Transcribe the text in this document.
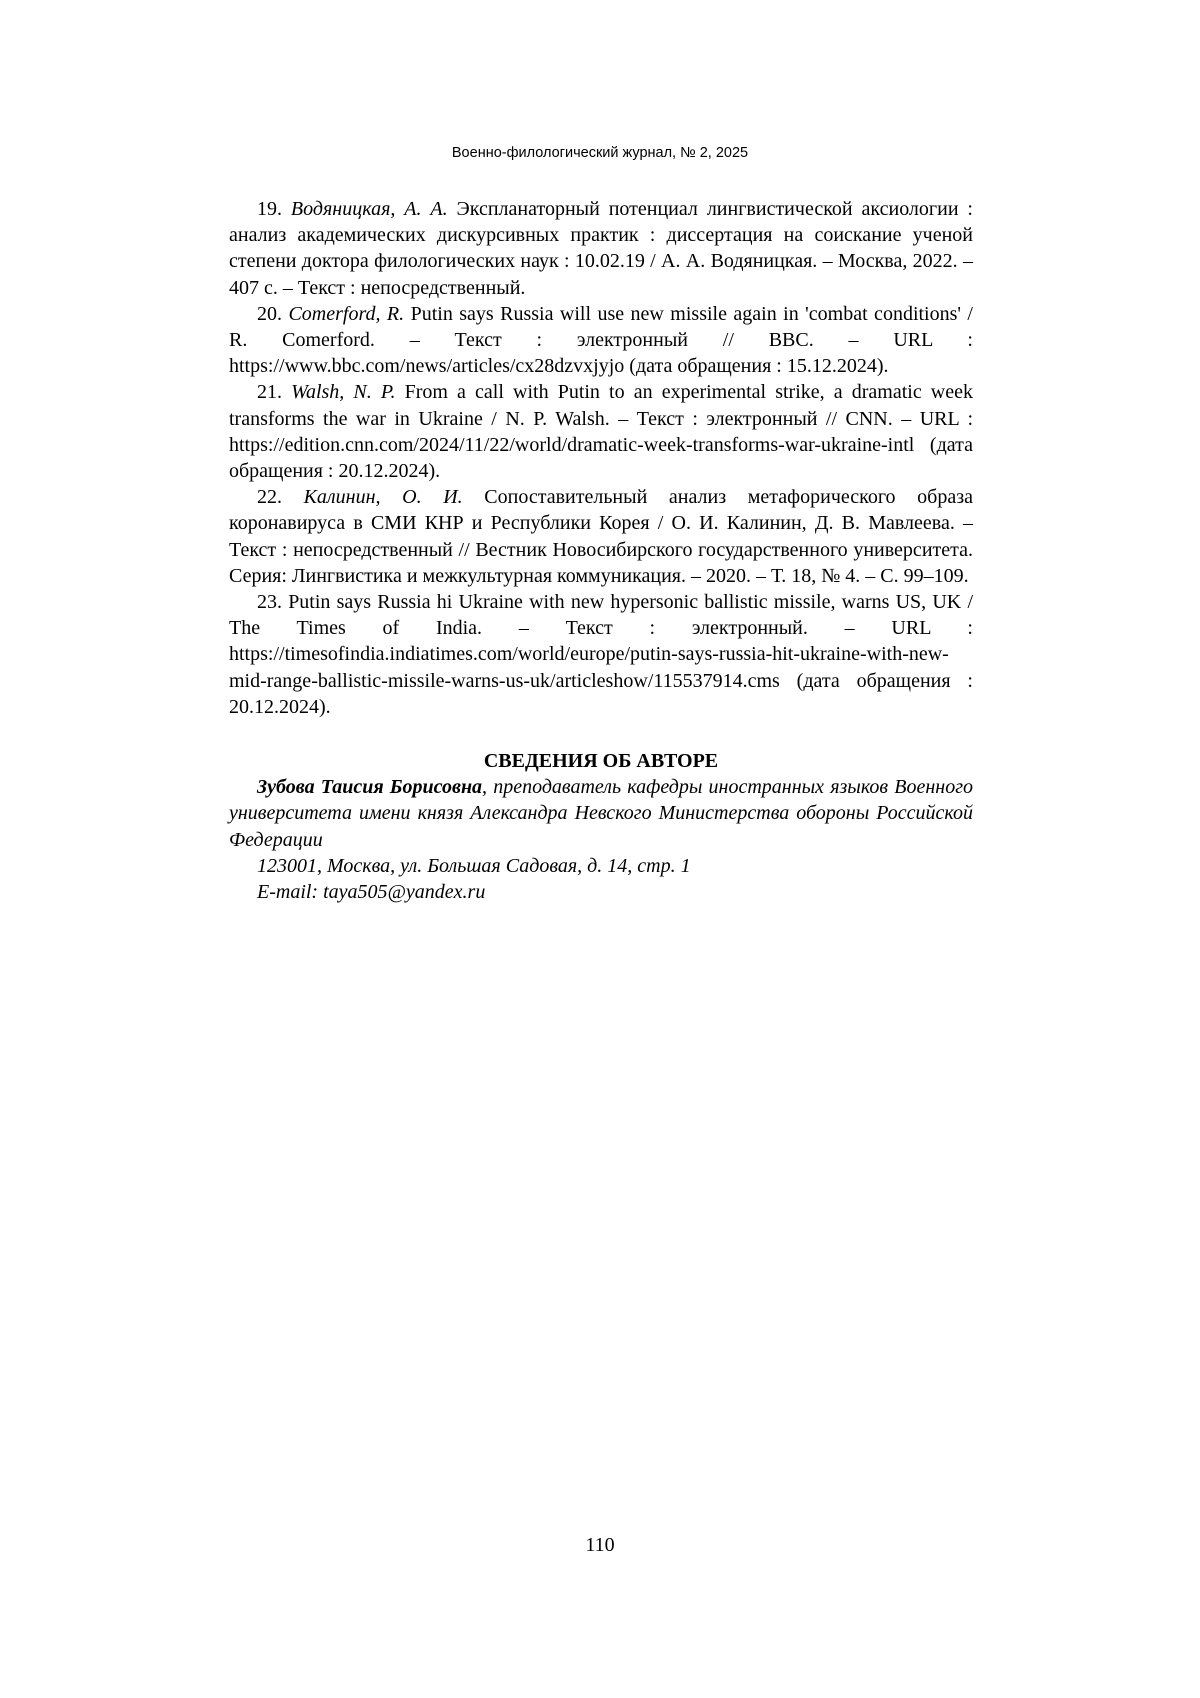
Военно-филологический журнал, № 2, 2025

19. Водяницкая, А. А. Экспланаторный потенциал лингвистической аксиологии : анализ академических дискурсивных практик : диссертация на соискание ученой степени доктора филологических наук : 10.02.19 / А. А. Водяницкая. – Москва, 2022. – 407 с. – Текст : непосредственный.

20. Comerford, R. Putin says Russia will use new missile again in 'combat conditions' / R. Comerford. – Текст : электронный // BBC. – URL : https://www.bbc.com/news/articles/cx28dzvxjyjo (дата обращения : 15.12.2024).

21. Walsh, N. P. From a call with Putin to an experimental strike, a dramatic week transforms the war in Ukraine / N. P. Walsh. – Текст : электронный // CNN. – URL : https://edition.cnn.com/2024/11/22/world/dramatic-week-transforms-war-ukraine-intl (дата обращения : 20.12.2024).

22. Калинин, О. И. Сопоставительный анализ метафорического образа коронавируса в СМИ КНР и Республики Корея / О. И. Калинин, Д. В. Мавлеева. – Текст : непосредственный // Вестник Новосибирского государственного университета. Серия: Лингвистика и межкультурная коммуникация. – 2020. – Т. 18, № 4. – С. 99–109.

23. Putin says Russia hi Ukraine with new hypersonic ballistic missile, warns US, UK / The Times of India. – Текст : электронный. – URL : https://timesofindia.indiatimes.com/world/europe/putin-says-russia-hit-ukraine-with-new-mid-range-ballistic-missile-warns-us-uk/articleshow/115537914.cms (дата обращения : 20.12.2024).

СВЕДЕНИЯ ОБ АВТОРЕ

Зубова Таисия Борисовна, преподаватель кафедры иностранных языков Военного университета имени князя Александра Невского Министерства обороны Российской Федерации

123001, Москва, ул. Большая Садовая, д. 14, стр. 1

E-mail: taya505@yandex.ru

110
